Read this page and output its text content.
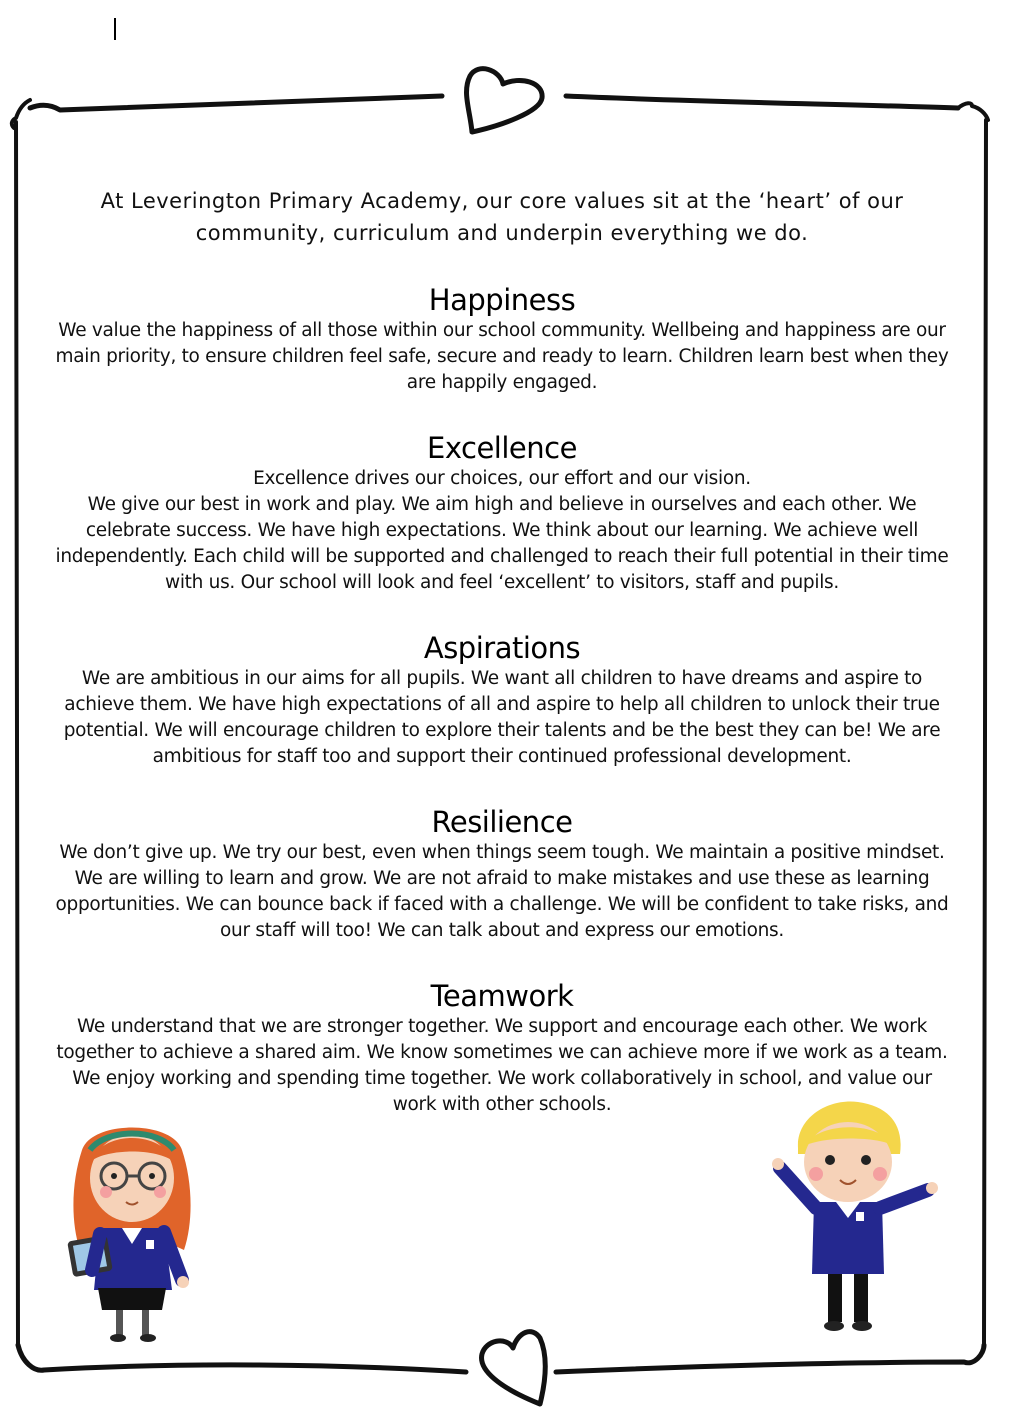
At Leverington Primary Academy, our core values sit at the ‘heart’ of our community, curriculum and underpin everything we do.
Happiness
We value the happiness of all those within our school community. Wellbeing and happiness are our main priority, to ensure children feel safe, secure and ready to learn. Children learn best when they are happily engaged.
Excellence
Excellence drives our choices, our effort and our vision.
We give our best in work and play. We aim high and believe in ourselves and each other. We celebrate success. We have high expectations. We think about our learning. We achieve well independently. Each child will be supported and challenged to reach their full potential in their time with us. Our school will look and feel ‘excellent’ to visitors, staff and pupils.
Aspirations
We are ambitious in our aims for all pupils. We want all children to have dreams and aspire to achieve them. We have high expectations of all and aspire to help all children to unlock their true potential. We will encourage children to explore their talents and be the best they can be! We are ambitious for staff too and support their continued professional development.
Resilience
We don’t give up. We try our best, even when things seem tough. We maintain a positive mindset. We are willing to learn and grow. We are not afraid to make mistakes and use these as learning opportunities. We can bounce back if faced with a challenge. We will be confident to take risks, and our staff will too! We can talk about and express our emotions.
Teamwork
We understand that we are stronger together. We support and encourage each other. We work together to achieve a shared aim. We know sometimes we can achieve more if we work as a team. We enjoy working and spending time together. We work collaboratively in school, and value our work with other schools.
